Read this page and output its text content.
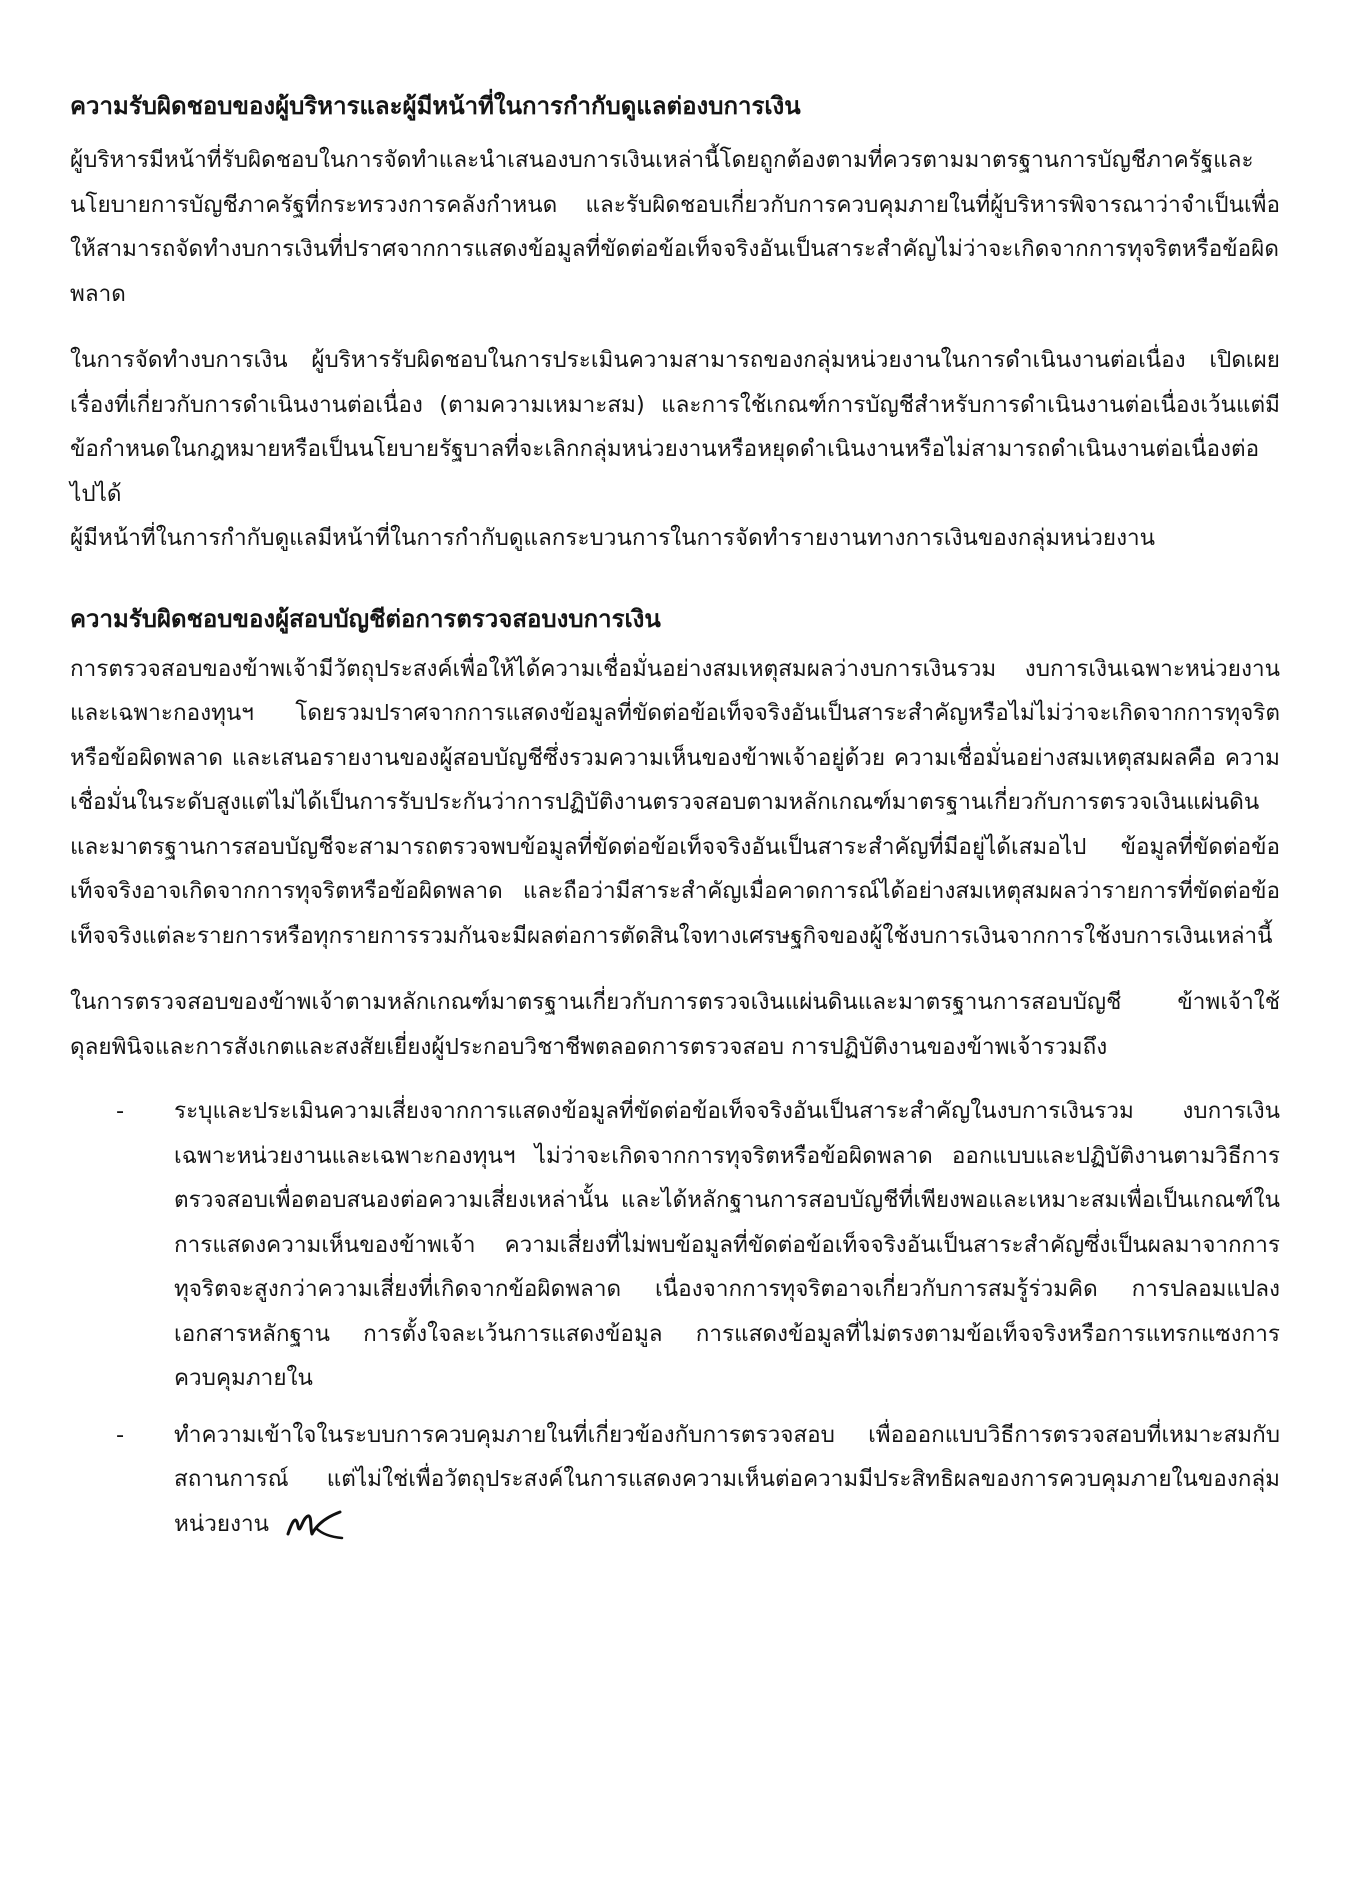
ความรับผิดชอบของผู้บริหารและผู้มีหน้าที่ในการกำกับดูแลต่องบการเงิน

ผู้บริหารมีหน้าที่รับผิดชอบในการจัดทำและนำเสนองบการเงินเหล่านี้โดยถูกต้องตามที่ควรตามมาตรฐานการบัญชีภาครัฐและนโยบายการบัญชีภาครัฐที่กระทรวงการคลังกำหนด และรับผิดชอบเกี่ยวกับการควบคุมภายในที่ผู้บริหารพิจารณาว่าจำเป็นเพื่อให้สามารถจัดทำงบการเงินที่ปราศจากการแสดงข้อมูลที่ขัดต่อข้อเท็จจริงอันเป็นสาระสำคัญไม่ว่าจะเกิดจากการทุจริตหรือข้อผิดพลาด

ในการจัดทำงบการเงิน ผู้บริหารรับผิดชอบในการประเมินความสามารถของกลุ่มหน่วยงานในการดำเนินงานต่อเนื่อง เปิดเผยเรื่องที่เกี่ยวกับการดำเนินงานต่อเนื่อง (ตามความเหมาะสม) และการใช้เกณฑ์การบัญชีสำหรับการดำเนินงานต่อเนื่องเว้นแต่มีข้อกำหนดในกฎหมายหรือเป็นนโยบายรัฐบาลที่จะเลิกกลุ่มหน่วยงานหรือหยุดดำเนินงานหรือไม่สามารถดำเนินงานต่อเนื่องต่อไปได้

ผู้มีหน้าที่ในการกำกับดูแลมีหน้าที่ในการกำกับดูแลกระบวนการในการจัดทำรายงานทางการเงินของกลุ่มหน่วยงาน

ความรับผิดชอบของผู้สอบบัญชีต่อการตรวจสอบงบการเงิน

การตรวจสอบของข้าพเจ้ามีวัตถุประสงค์เพื่อให้ได้ความเชื่อมั่นอย่างสมเหตุสมผลว่างบการเงินรวม งบการเงินเฉพาะหน่วยงานและเฉพาะกองทุนฯ โดยรวมปราศจากการแสดงข้อมูลที่ขัดต่อข้อเท็จจริงอันเป็นสาระสำคัญหรือไม่ไม่ว่าจะเกิดจากการทุจริตหรือข้อผิดพลาด และเสนอรายงานของผู้สอบบัญชีซึ่งรวมความเห็นของข้าพเจ้าอยู่ด้วย ความเชื่อมั่นอย่างสมเหตุสมผลคือ ความเชื่อมั่นในระดับสูงแต่ไม่ได้เป็นการรับประกันว่าการปฏิบัติงานตรวจสอบตามหลักเกณฑ์มาตรฐานเกี่ยวกับการตรวจเงินแผ่นดินและมาตรฐานการสอบบัญชีจะสามารถตรวจพบข้อมูลที่ขัดต่อข้อเท็จจริงอันเป็นสาระสำคัญที่มีอยู่ได้เสมอไป ข้อมูลที่ขัดต่อข้อเท็จจริงอาจเกิดจากการทุจริตหรือข้อผิดพลาด และถือว่ามีสาระสำคัญเมื่อคาดการณ์ได้อย่างสมเหตุสมผลว่ารายการที่ขัดต่อข้อเท็จจริงแต่ละรายการหรือทุกรายการรวมกันจะมีผลต่อการตัดสินใจทางเศรษฐกิจของผู้ใช้งบการเงินจากการใช้งบการเงินเหล่านี้

ในการตรวจสอบของข้าพเจ้าตามหลักเกณฑ์มาตรฐานเกี่ยวกับการตรวจเงินแผ่นดินและมาตรฐานการสอบบัญชี ข้าพเจ้าใช้ดุลยพินิจและการสังเกตและสงสัยเยี่ยงผู้ประกอบวิชาชีพตลอดการตรวจสอบ การปฏิบัติงานของข้าพเจ้ารวมถึง

- ระบุและประเมินความเสี่ยงจากการแสดงข้อมูลที่ขัดต่อข้อเท็จจริงอันเป็นสาระสำคัญในงบการเงินรวม งบการเงินเฉพาะหน่วยงานและเฉพาะกองทุนฯ ไม่ว่าจะเกิดจากการทุจริตหรือข้อผิดพลาด ออกแบบและปฏิบัติงานตามวิธีการตรวจสอบเพื่อตอบสนองต่อความเสี่ยงเหล่านั้น และได้หลักฐานการสอบบัญชีที่เพียงพอและเหมาะสมเพื่อเป็นเกณฑ์ในการแสดงความเห็นของข้าพเจ้า ความเสี่ยงที่ไม่พบข้อมูลที่ขัดต่อข้อเท็จจริงอันเป็นสาระสำคัญซึ่งเป็นผลมาจากการทุจริตจะสูงกว่าความเสี่ยงที่เกิดจากข้อผิดพลาด เนื่องจากการทุจริตอาจเกี่ยวกับการสมรู้ร่วมคิด การปลอมแปลงเอกสารหลักฐาน การตั้งใจละเว้นการแสดงข้อมูล การแสดงข้อมูลที่ไม่ตรงตามข้อเท็จจริงหรือการแทรกแซงการควบคุมภายใน
- ทำความเข้าใจในระบบการควบคุมภายในที่เกี่ยวข้องกับการตรวจสอบ เพื่อออกแบบวิธีการตรวจสอบที่เหมาะสมกับสถานการณ์ แต่ไม่ใช่เพื่อวัตถุประสงค์ในการแสดงความเห็นต่อความมีประสิทธิผลของการควบคุมภายในของกลุ่มหน่วยงาน
